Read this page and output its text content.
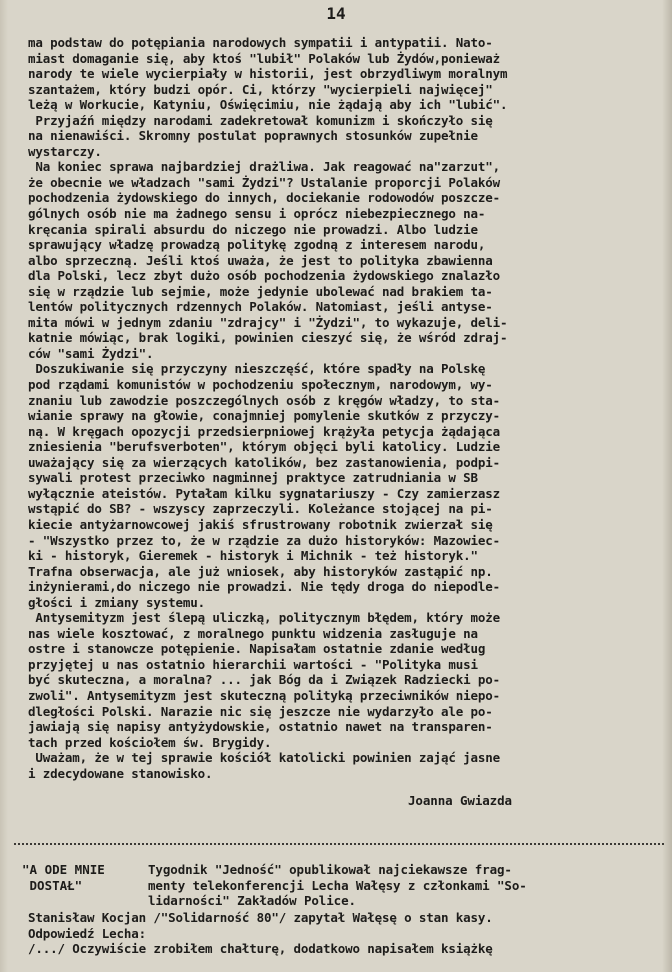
14
ma podstaw do potępiania narodowych sympatii i antypatii. Nato-
miast domaganie się, aby ktoś "lubił" Polaków lub Żydów,ponieważ
narody te wiele wycierpiały w historii, jest obrzydliwym moralnym
szantażem, który budzi opór. Ci, którzy "wycierpieli najwięcej"
leżą w Workucie, Katyniu, Oświęcimiu, nie żądają aby ich "lubić".
Przyjaźń między narodami zadekretował komunizm i skończyło się
na nienawiści. Skromny postulat poprawnych stosunków zupełnie
wystarczy.
Na koniec sprawa najbardziej drażliwa. Jak reagować na"zarzut",
że obecnie we władzach "sami Żydzi"? Ustalanie proporcji Polaków
pochodzenia żydowskiego do innych, dociekanie rodowodów poszcze-
gólnych osób nie ma żadnego sensu i oprócz niebezpiecznego na-
kręcania spirali absurdu do niczego nie prowadzi. Albo ludzie
sprawujący władzę prowadzą politykę zgodną z interesem narodu,
albo sprzeczną. Jeśli ktoś uważa, że jest to polityka zbawienna
dla Polski, lecz zbyt dużo osób pochodzenia żydowskiego znalazło
się w rządzie lub sejmie, może jedynie ubolewać nad brakiem ta-
lentów politycznych rdzennych Polaków. Natomiast, jeśli antyse-
mita mówi w jednym zdaniu "zdrajcy" i "Żydzi", to wykazuje, deli-
katnie mówiąc, brak logiki, powinien cieszyć się, że wśród zdraj-
ców "sami Żydzi".
Doszukiwanie się przyczyny nieszczęść, które spadły na Polskę
pod rządami komunistów w pochodzeniu społecznym, narodowym, wy-
znaniu lub zawodzie poszczególnych osób z kręgów władzy, to sta-
wianie sprawy na głowie, conajmniej pomylenie skutków z przyczy-
ną. W kręgach opozycji przedsierpniowej krążyła petycja żądająca
zniesienia "berufsverboten", którym objęci byli katolicy. Ludzie
uważający się za wierzących katolików, bez zastanowienia, podpi-
sywali protest przeciwko nagminnej praktyce zatrudniania w SB
wyłącznie ateistów. Pytałam kilku sygnatariuszy - Czy zamierzasz
wstąpić do SB? - wszyscy zaprzeczyli. Koleżance stojącej na pi-
kiecie antyżarnowcowej jakiś sfrustrowany robotnik zwierzał się
- "Wszystko przez to, że w rządzie za dużo historyków: Mazowiec-
ki - historyk, Gieremek - historyk i Michnik - też historyk."
Trafna obserwacja, ale już wniosek, aby historyków zastąpić np.
inżynierami,do niczego nie prowadzi. Nie tędy droga do niepodle-
głości i zmiany systemu.
Antysemityzm jest ślepą uliczką, politycznym błędem, który może
nas wiele kosztować, z moralnego punktu widzenia zasługuje na
ostre i stanowcze potępienie. Napisałam ostatnie zdanie według
przyjętej u nas ostatnio hierarchii wartości - "Polityka musi
być skuteczna, a moralna? ... jak Bóg da i Związek Radziecki po-
zwoli". Antysemityzm jest skuteczną polityką przeciwników niepo-
dległości Polski. Narazie nic się jeszcze nie wydarzyło ale po-
jawiają się napisy antyżydowskie, ostatnio nawet na transparen-
tach przed kościołem św. Brygidy.
Uważam, że w tej sprawie kościół katolicki powinien zająć jasne
i zdecydowane stanowisko.
Joanna Gwiazda
"A ODE MNIE
DOSTAŁ"
Tygodnik "Jedność" opublikował najciekawsze frag-
menty telekonferencji Lecha Wałęsy z członkami "So-
lidarności" Zakładów Police.
Stanisław Kocjan /"Solidarność 80"/ zapytał Wałęsę o stan kasy.
Odpowiedź Lecha:
/.../ Oczywiście zrobiłem chałturę, dodatkowo napisałem książkę
